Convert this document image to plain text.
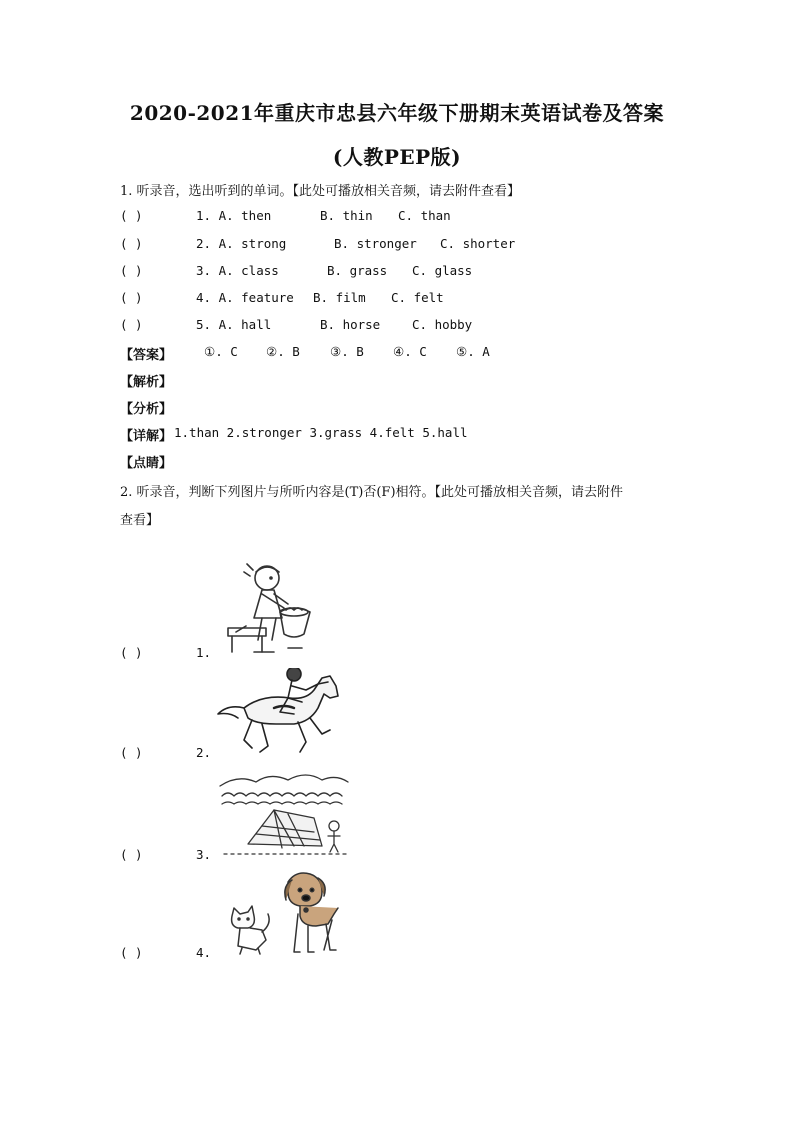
2020-2021年重庆市忠县六年级下册期末英语试卷及答案
(人教PEP版)
1. 听录音，选出听到的单词。【此处可播放相关音频，请去附件查看】
( )	1. A. then	B. thin C. than
( )	2. A. strong	B. stronger C. shorter
( )	3. A. class	B. grass C. glass
( )	4. A. feature B. film C. felt
( )	5. A. hall	B. horse	C. hobby
【答案】	①. C ②. B ③. B ④. C ⑤. A
【解析】
【分析】
【详解】 1.than 2.stronger 3.grass 4.felt 5.hall
【点睛】
2. 听录音，判断下列图片与所听内容是(T)否(F)相符。【此处可播放相关音频，请去附件
查看】
( )	1.
( )	2.
( )	3.
( )	4.
